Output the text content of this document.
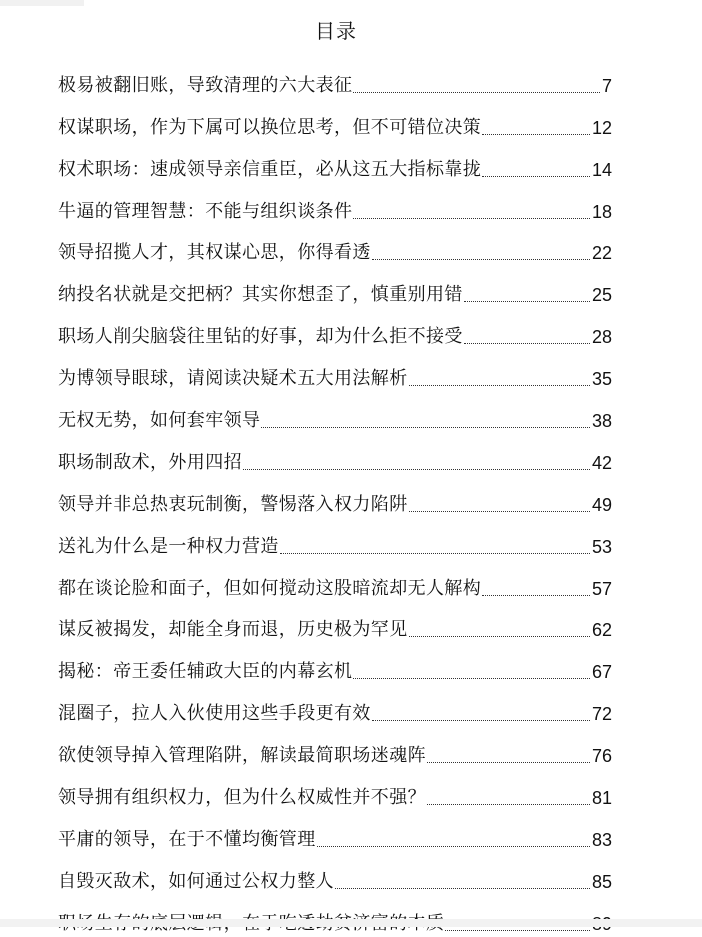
目录
极易被翻旧账，导致清理的六大表征	7
权谋职场，作为下属可以换位思考，但不可错位决策	12
权术职场：速成领导亲信重臣，必从这五大指标靠拢	14
牛逼的管理智慧：不能与组织谈条件	18
领导招揽人才，其权谋心思，你得看透	22
纳投名状就是交把柄？其实你想歪了，慎重别用错	25
职场人削尖脑袋往里钻的好事，却为什么拒不接受	28
为博领导眼球，请阅读决疑术五大用法解析	35
无权无势，如何套牢领导	38
职场制敌术，外用四招	42
领导并非总热衷玩制衡，警惕落入权力陷阱	49
送礼为什么是一种权力营造	53
都在谈论脸和面子，但如何搅动这股暗流却无人解构	57
谋反被揭发，却能全身而退，历史极为罕见	62
揭秘：帝王委任辅政大臣的内幕玄机	67
混圈子，拉人入伙使用这些手段更有效	72
欲使领导掉入管理陷阱，解读最简职场迷魂阵	76
领导拥有组织权力，但为什么权威性并不强？	81
平庸的领导，在于不懂均衡管理	83
自毁灭敌术，如何通过公权力整人	85
